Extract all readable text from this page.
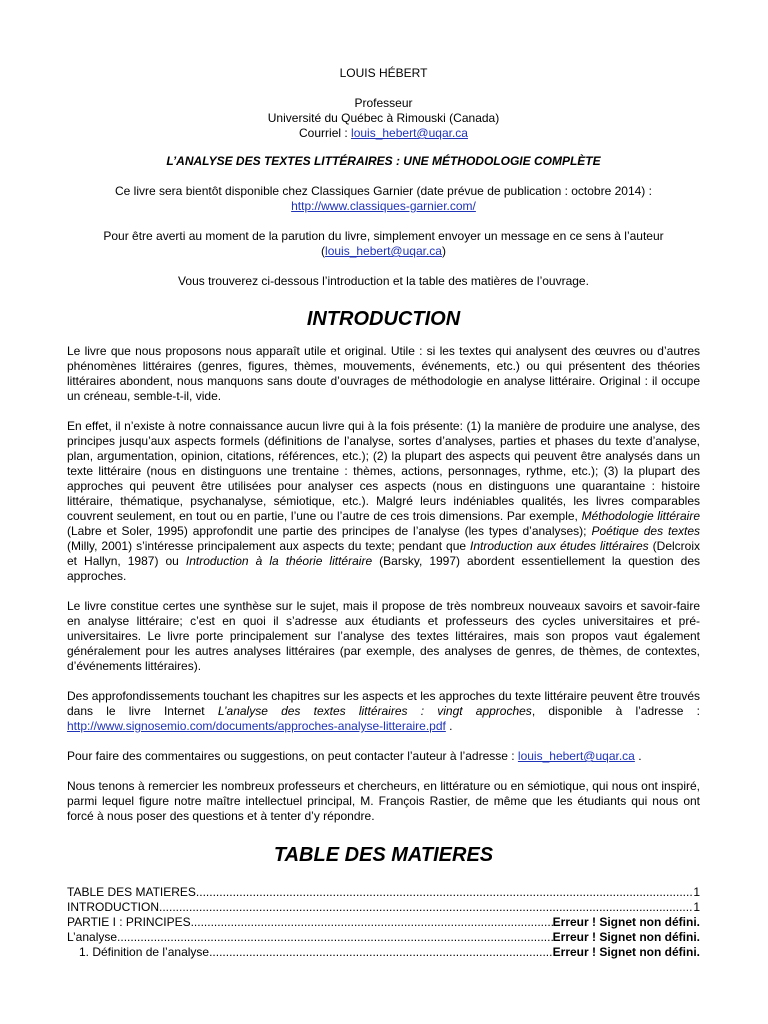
LOUIS HÉBERT

Professeur

Université du Québec à Rimouski (Canada)

Courriel : louis_hebert@uqar.ca

L’ANALYSE DES TEXTES LITTÉRAIRES : UNE MÉTHODOLOGIE COMPLÈTE

Ce livre sera bientôt disponible chez Classiques Garnier (date prévue de publication : octobre 2014) :

http://www.classiques-garnier.com/

Pour être averti au moment de la parution du livre, simplement envoyer un message en ce sens à l’auteur

(louis_hebert@uqar.ca)

Vous trouverez ci-dessous l’introduction et la table des matières de l’ouvrage.

INTRODUCTION

Le livre que nous proposons nous apparaît utile et original. Utile : si les textes qui analysent des œuvres ou d’autres phénomènes littéraires (genres, figures, thèmes, mouvements, événements, etc.) ou qui présentent des théories littéraires abondent, nous manquons sans doute d’ouvrages de méthodologie en analyse littéraire. Original : il occupe un créneau, semble-t-il, vide.

En effet, il n’existe à notre connaissance aucun livre qui à la fois présente: (1) la manière de produire une analyse, des principes jusqu’aux aspects formels (définitions de l’analyse, sortes d’analyses, parties et phases du texte d’analyse, plan, argumentation, opinion, citations, références, etc.); (2) la plupart des aspects qui peuvent être analysés dans un texte littéraire (nous en distinguons une trentaine : thèmes, actions, personnages, rythme, etc.); (3) la plupart des approches qui peuvent être utilisées pour analyser ces aspects (nous en distinguons une quarantaine : histoire littéraire, thématique, psychanalyse, sémiotique, etc.). Malgré leurs indéniables qualités, les livres comparables couvrent seulement, en tout ou en partie, l’une ou l’autre de ces trois dimensions. Par exemple, Méthodologie littéraire (Labre et Soler, 1995) approfondit une partie des principes de l’analyse (les types d’analyses); Poétique des textes (Milly, 2001) s’intéresse principalement aux aspects du texte; pendant que Introduction aux études littéraires (Delcroix et Hallyn, 1987) ou Introduction à la théorie littéraire (Barsky, 1997) abordent essentiellement la question des approches.

Le livre constitue certes une synthèse sur le sujet, mais il propose de très nombreux nouveaux savoirs et savoir-faire en analyse littéraire; c’est en quoi il s’adresse aux étudiants et professeurs des cycles universitaires et pré-universitaires. Le livre porte principalement sur l’analyse des textes littéraires, mais son propos vaut également généralement pour les autres analyses littéraires (par exemple, des analyses de genres, de thèmes, de contextes, d’événements littéraires).

Des approfondissements touchant les chapitres sur les aspects et les approches du texte littéraire peuvent être trouvés dans le livre Internet L’analyse des textes littéraires : vingt approches, disponible à l’adresse : http://www.signosemio.com/documents/approches-analyse-litteraire.pdf .

Pour faire des commentaires ou suggestions, on peut contacter l’auteur à l’adresse : louis_hebert@uqar.ca .

Nous tenons à remercier les nombreux professeurs et chercheurs, en littérature ou en sémiotique, qui nous ont inspiré, parmi lequel figure notre maître intellectuel principal, M. François Rastier, de même que les étudiants qui nous ont forcé à nous poser des questions et à tenter d’y répondre.

TABLE DES MATIERES
TABLE DES MATIERES .....	1
INTRODUCTION .....	1
PARTIE I : PRINCIPES .....	Erreur ! Signet non défini.
L’analyse .....	Erreur ! Signet non défini.
1. Définition de l’analyse .....	Erreur ! Signet non défini.
